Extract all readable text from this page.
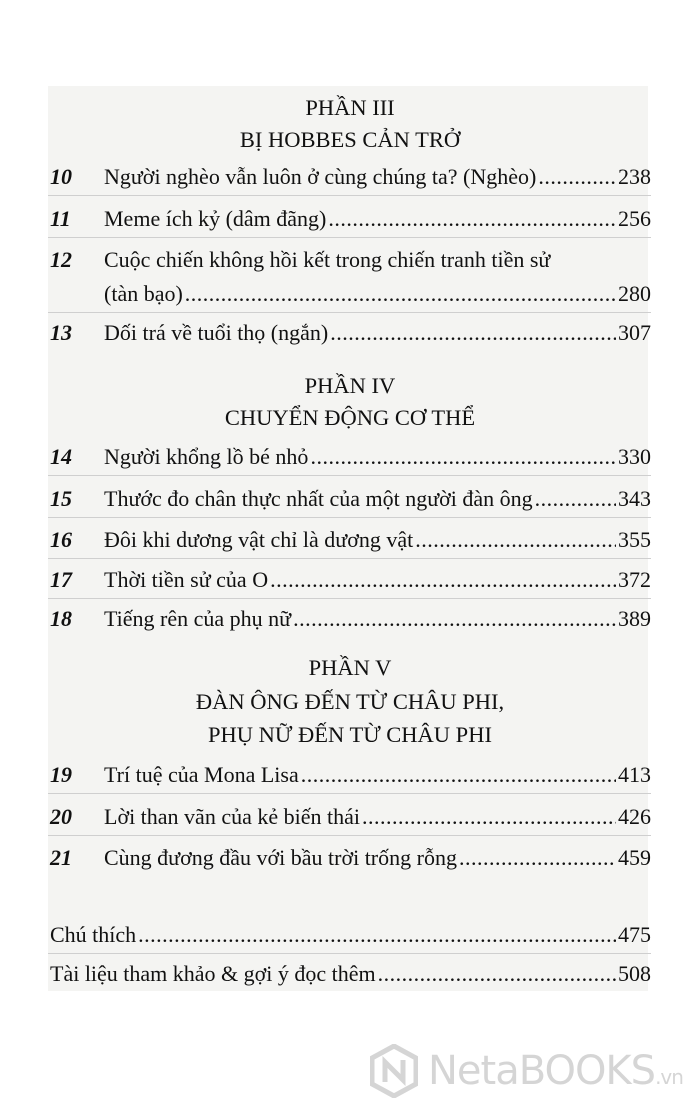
PHẦN III
BỊ HOBBES CẢN TRỞ
10 Người nghèo vẫn luôn ở cùng chúng ta? (Nghèo) .....	238
11 Meme ích kỷ (dâm đãng) .....	256
12 Cuộc chiến không hồi kết trong chiến tranh tiền sử
(tàn bạo) .....	280
13 Dối trá về tuổi thọ (ngắn) .....	307
PHẦN IV
CHUYỂN ĐỘNG CƠ THỂ
14 Người khổng lồ bé nhỏ .....	330
15 Thước đo chân thực nhất của một người đàn ông .....	343
16 Đôi khi dương vật chỉ là dương vật .....	355
17 Thời tiền sử của O .....	372
18 Tiếng rên của phụ nữ .....	389
PHẦN V
ĐÀN ÔNG ĐẾN TỪ CHÂU PHI,
PHỤ NỮ ĐẾN TỪ CHÂU PHI
19 Trí tuệ của Mona Lisa .....	413
20 Lời than vãn của kẻ biến thái .....	426
21 Cùng đương đầu với bầu trời trống rỗng .....	459
Chú thích .....	475
Tài liệu tham khảo & gợi ý đọc thêm .....	508
NetaBOOKS.vn
